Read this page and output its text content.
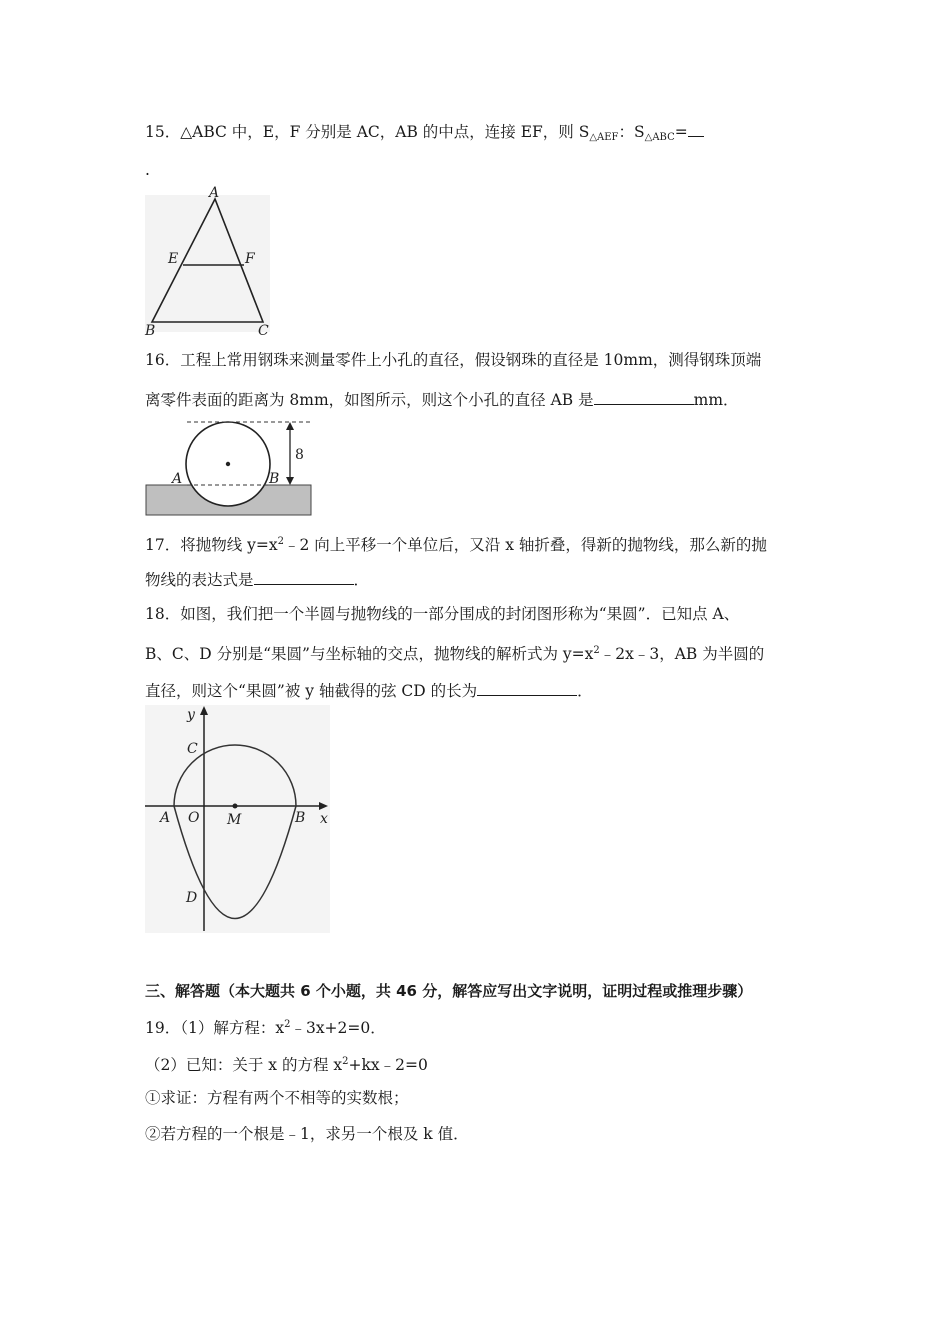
15．△ABC 中，E，F 分别是 AC，AB 的中点，连接 EF，则 $S_{\triangle AEF}$：$S_{\triangle ABC}=$
.
A
E	F
B	C
16．工程上常用钢珠来测量零件上小孔的直径，假设钢珠的直径是 10mm，测得钢珠顶端
离零件表面的距离为 8mm，如图所示，则这个小孔的直径 AB 是	mm．
8
A	B
17．将抛物线 $y=x^2﹣2$ 向上平移一个单位后，又沿 x 轴折叠，得新的抛物线，那么新的抛
物线的表达式是	．
18．如图，我们把一个半圆与抛物线的一部分围成的封闭图形称为“果圆”．已知点 A、
B、C、D 分别是“果圆”与坐标轴的交点，抛物线的解析式为 $y=x^2﹣2x﹣3$，AB 为半圆的
直径，则这个“果圆”被 y 轴截得的弦 CD 的长为	．
y
x
C
A O M	B
D
三、解答题（本大题共 6 个小题，共 46 分，解答应写出文字说明，证明过程或推理步骤）
19．（1）解方程：$x^2﹣3x+2=0$．
（2）已知：关于 x 的方程 $x^2+kx﹣2=0$
①求证：方程有两个不相等的实数根；
②若方程的一个根是﹣1，求另一个根及 k 值．
